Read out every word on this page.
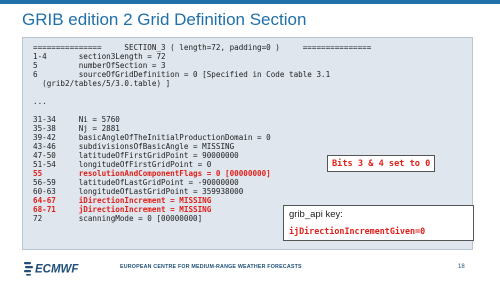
GRIB edition 2 Grid Definition Section
===============     SECTION_3 ( length=72, padding=0 )     ===============
1-4       section3Length = 72
5         numberOfSection = 3
6         sourceOfGridDefinition = 0 [Specified in Code table 3.1
(grib2/tables/5/3.0.table) ]
...
31-34     Ni = 5760
35-38     Nj = 2881
39-42     basicAngleOfTheInitialProductionDomain = 0
43-46     subdivisionsOfBasicAngle = MISSING
47-50     latitudeOfFirstGridPoint = 90000000
51-54     longitudeOfFirstGridPoint = 0
55        resolutionAndComponentFlags = 0 [00000000]
56-59     latitudeOfLastGridPoint = -90000000
60-63     longitudeOfLastGridPoint = 359938000
64-67     iDirectionIncrement = MISSING
68-71     jDirectionIncrement = MISSING
72        scanningMode = 0 [00000000]
Bits 3 & 4 set to 0
grib_api key:
ijDirectionIncrementGiven=0
ECMWF	EUROPEAN CENTRE FOR MEDIUM-RANGE WEATHER FORECASTS	18
